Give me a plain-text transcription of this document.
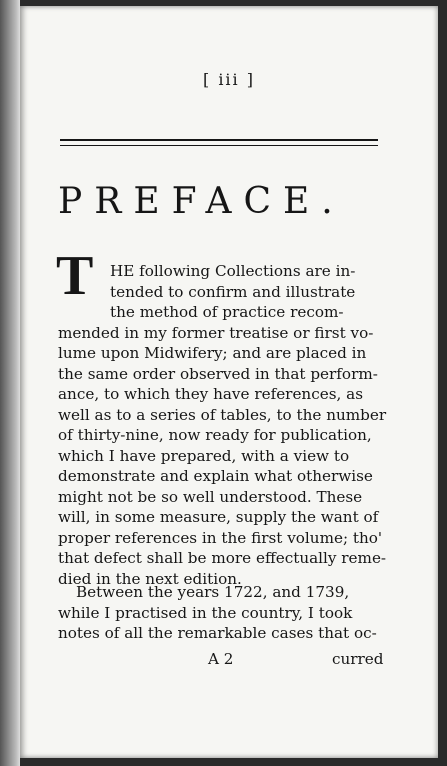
[ iii ]
PREFACE.
T	HE following Collections are in-
tended to confirm and illustrate
the method of practice recom-
mended in my former treatise or first vo-
lume upon Midwifery; and are placed in
the same order observed in that perform-
ance, to which they have references, as
well as to a series of tables, to the number
of thirty-nine, now ready for publication,
which I have prepared, with a view to
demonstrate and explain what otherwise
might not be so well understood. These
will, in some measure, supply the want of
proper references in the first volume; tho'
that defect shall be more effectually reme-
died in the next edition.
Between the years 1722, and 1739,
while I practised in the country, I took
notes of all the remarkable cases that oc-
A 2	curred
